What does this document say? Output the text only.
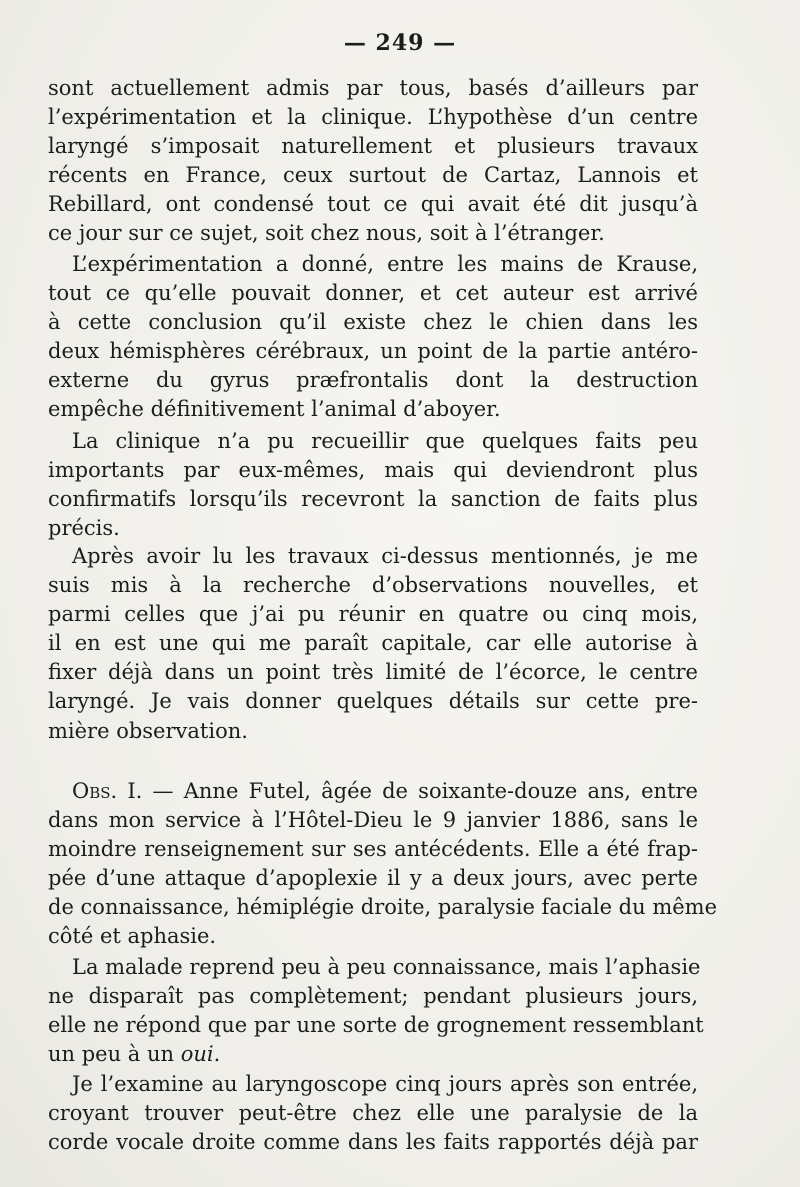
— 249 —
sont actuellement admis par tous, basés d’ailleurs par
l’expérimentation et la clinique. L’hypothèse d’un centre
laryngé s’imposait naturellement et plusieurs travaux
récents en France, ceux surtout de Cartaz, Lannois et
Rebillard, ont condensé tout ce qui avait été dit jusqu’à
ce jour sur ce sujet, soit chez nous, soit à l’étranger.
L’expérimentation a donné, entre les mains de Krause,
tout ce qu’elle pouvait donner, et cet auteur est arrivé
à cette conclusion qu’il existe chez le chien dans les
deux hémisphères cérébraux, un point de la partie antéro-
externe du gyrus præfrontalis dont la destruction
empêche définitivement l’animal d’aboyer.
La clinique n’a pu recueillir que quelques faits peu
importants par eux-mêmes, mais qui deviendront plus
confirmatifs lorsqu’ils recevront la sanction de faits plus
précis.
Après avoir lu les travaux ci-dessus mentionnés, je me
suis mis à la recherche d’observations nouvelles, et
parmi celles que j’ai pu réunir en quatre ou cinq mois,
il en est une qui me paraît capitale, car elle autorise à
fixer déjà dans un point très limité de l’écorce, le centre
laryngé. Je vais donner quelques détails sur cette pre-
mière observation.
Obs. I. — Anne Futel, âgée de soixante-douze ans, entre
dans mon service à l’Hôtel-Dieu le 9 janvier 1886, sans le
moindre renseignement sur ses antécédents. Elle a été frap-
pée d’une attaque d’apoplexie il y a deux jours, avec perte
de connaissance, hémiplégie droite, paralysie faciale du même
côté et aphasie.
La malade reprend peu à peu connaissance, mais l’aphasie
ne disparaît pas complètement; pendant plusieurs jours,
elle ne répond que par une sorte de grognement ressemblant
un peu à un oui.
Je l’examine au laryngoscope cinq jours après son entrée,
croyant trouver peut-être chez elle une paralysie de la
corde vocale droite comme dans les faits rapportés déjà par
